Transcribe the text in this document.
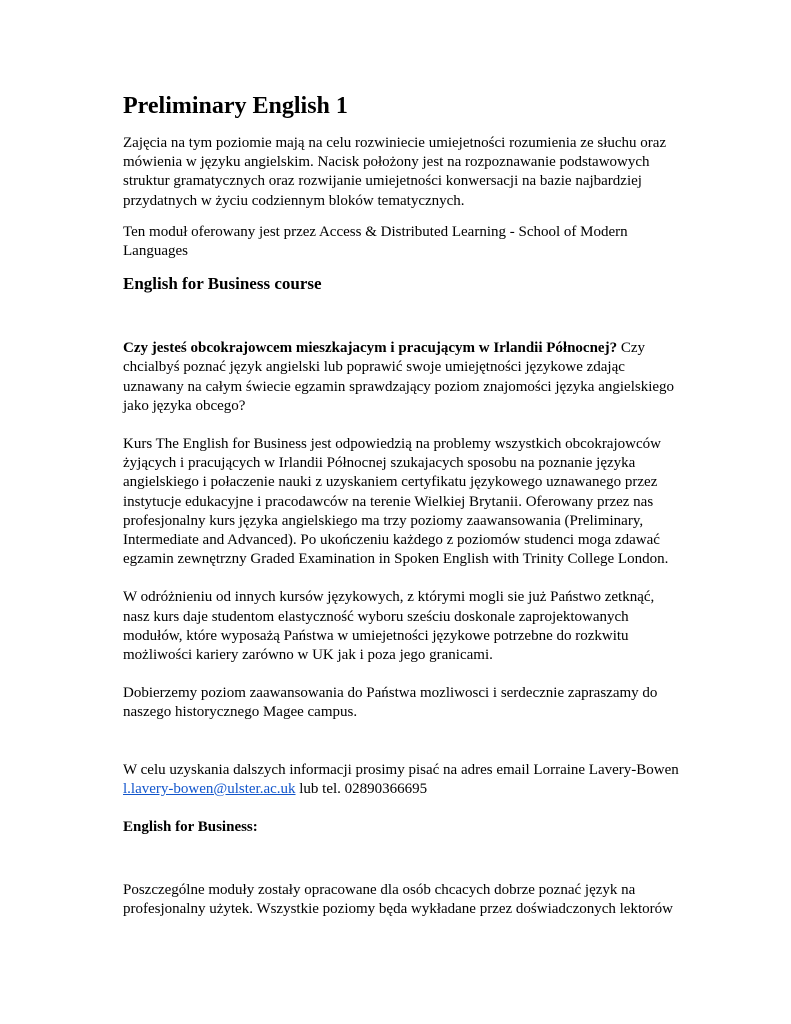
Preliminary English 1

Zajęcia na tym poziomie mają na celu rozwiniecie umiejetności rozumienia ze słuchu oraz mówienia w języku angielskim. Nacisk położony jest na rozpoznawanie podstawowych struktur gramatycznych oraz rozwijanie umiejetności konwersacji na bazie najbardziej przydatnych w życiu codziennym bloków tematycznych.

Ten moduł oferowany jest przez Access & Distributed Learning - School of Modern Languages

English for Business course

Czy jesteś obcokrajowcem mieszkajacym i pracującym w Irlandii Północnej? Czy chcialbyś poznać język angielski lub poprawić swoje umiejętności językowe zdając uznawany na całym świecie egzamin sprawdzający poziom znajomości języka angielskiego jako języka obcego?

Kurs The English for Business jest odpowiedzią na problemy wszystkich obcokrajowców żyjących i pracujących w Irlandii Północnej szukajacych sposobu na poznanie języka angielskiego i połaczenie nauki z uzyskaniem certyfikatu językowego uznawanego przez instytucje edukacyjne i pracodawców na terenie Wielkiej Brytanii. Oferowany przez nas profesjonalny kurs języka angielskiego ma trzy poziomy zaawansowania (Preliminary, Intermediate and Advanced). Po ukończeniu każdego z poziomów studenci moga zdawać egzamin zewnętrzny Graded Examination in Spoken English with Trinity College London.

W odróżnieniu od innych kursów językowych, z którymi mogli sie już Państwo zetknąć, nasz kurs daje studentom elastyczność wyboru sześciu doskonale zaprojektowanych modułów, które wyposażą Państwa w umiejetności językowe potrzebne do rozkwitu możliwości kariery zarówno w UK jak i poza jego granicami.

Dobierzemy poziom zaawansowania do Państwa mozliwosci i serdecznie zapraszamy do naszego historycznego Magee campus.

W celu uzyskania dalszych informacji prosimy pisać na adres email Lorraine Lavery-Bowen l.lavery-bowen@ulster.ac.uk lub tel. 02890366695

English for Business:

Poszczególne moduły zostały opracowane dla osób chcacych dobrze poznać język na profesjonalny użytek. Wszystkie poziomy będa wykładane przez doświadczonych lektorów
